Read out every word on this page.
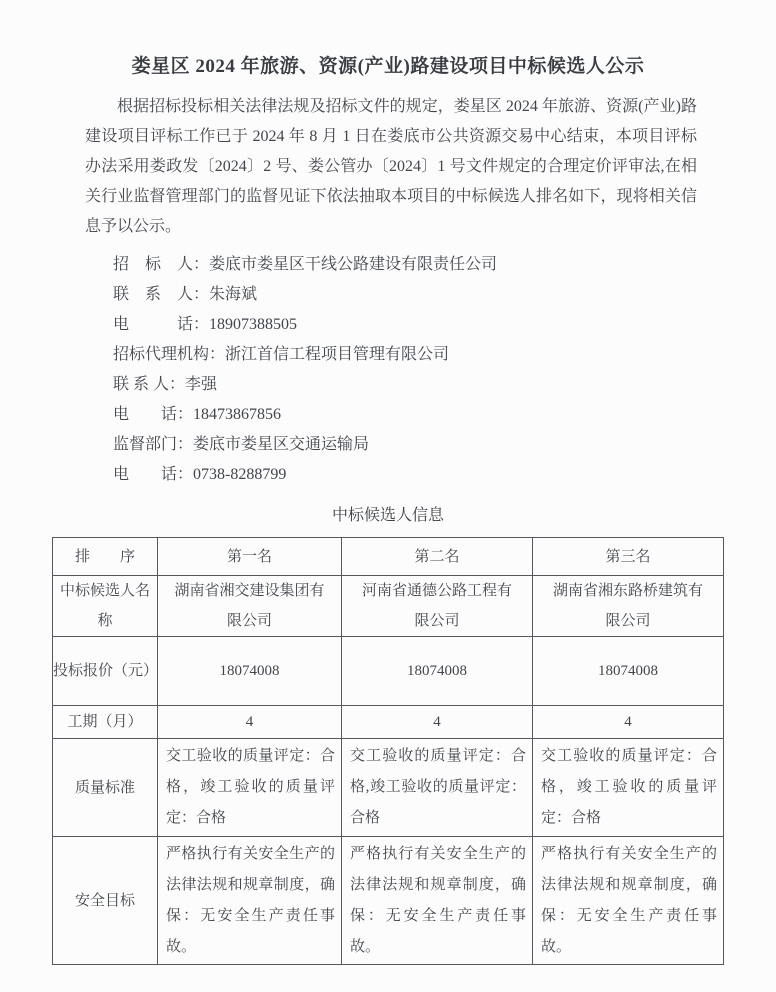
娄星区 2024 年旅游、资源(产业)路建设项目中标候选人公示

根据招标投标相关法律法规及招标文件的规定，娄星区 2024 年旅游、资源(产业)路建设项目评标工作已于 2024 年 8 月 1 日在娄底市公共资源交易中心结束，本项目评标办法采用娄政发〔2024〕2 号、娄公管办〔2024〕1 号文件规定的合理定价评审法,在相关行业监督管理部门的监督见证下依法抽取本项目的中标候选人排名如下，现将相关信息予以公示。

招　标　人：娄底市娄星区干线公路建设有限责任公司
联　系　人：朱海斌
电　　　话：18907388505
招标代理机构：浙江首信工程项目管理有限公司
联 系 人：李强
电　　话：18473867856
监督部门：娄底市娄星区交通运输局
电　　话：0738-8288799
中标候选人信息
排　　序	第一名	第二名	第三名
中标候选人名称	湖南省湘交建设集团有限公司	河南省通德公路工程有限公司	湖南省湘东路桥建筑有限公司
投标报价（元）	18074008	18074008	18074008
工期（月）	4	4	4
质量标准	交工验收的质量评定：合格，竣工验收的质量评定：合格	交工验收的质量评定：合格,竣工验收的质量评定：合格	交工验收的质量评定：合格，竣工验收的质量评定：合格
安全目标	严格执行有关安全生产的法律法规和规章制度，确保：无安全生产责任事故。	严格执行有关安全生产的法律法规和规章制度，确保：无安全生产责任事故。	严格执行有关安全生产的法律法规和规章制度，确保：无安全生产责任事故。
